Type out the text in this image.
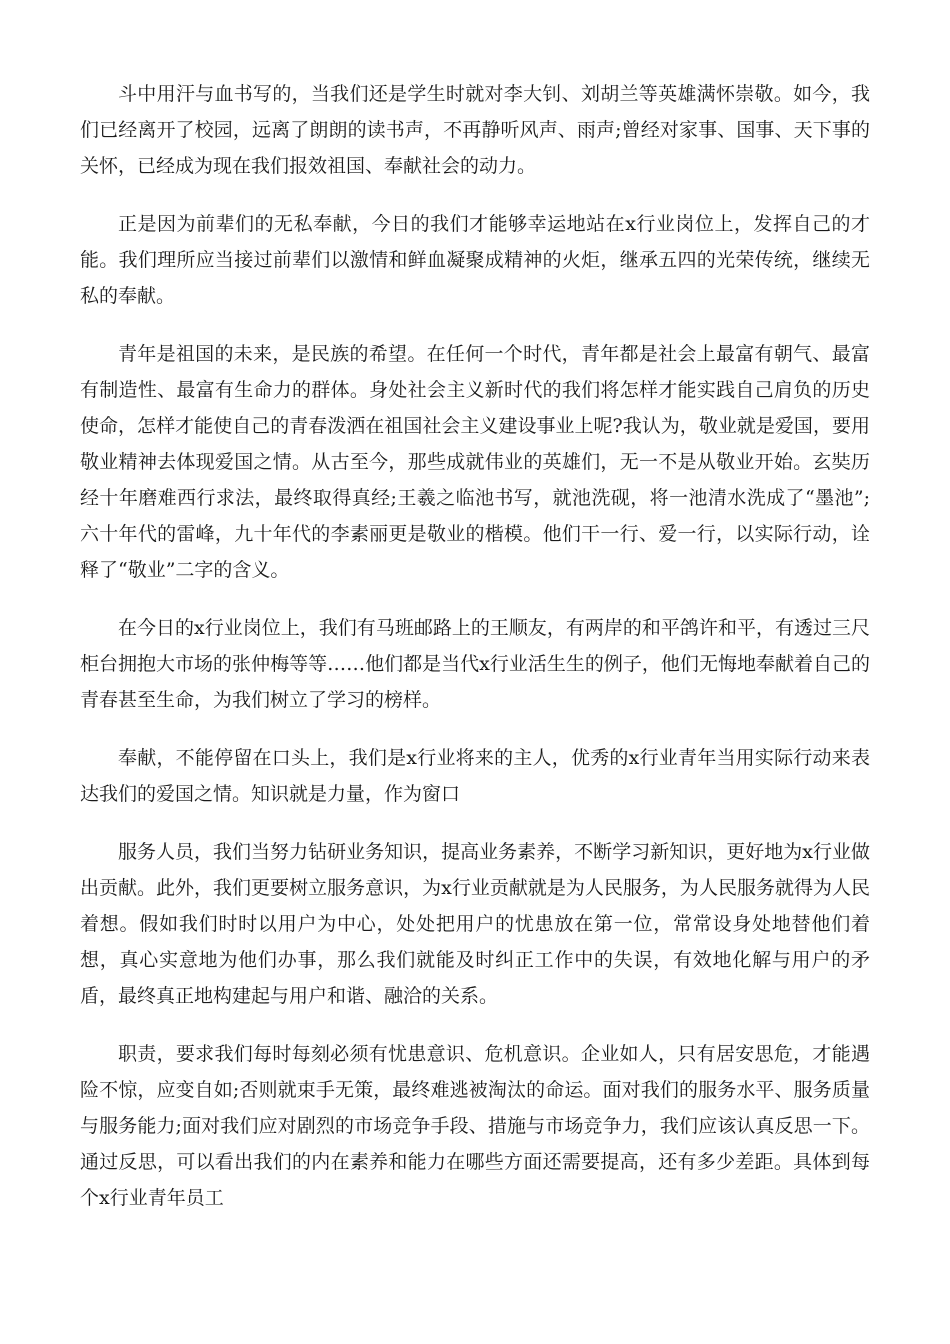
斗中用汗与血书写的，当我们还是学生时就对李大钊、刘胡兰等英雄满怀崇敬。如今，我们已经离开了校园，远离了朗朗的读书声，不再静听风声、雨声;曾经对家事、国事、天下事的关怀，已经成为现在我们报效祖国、奉献社会的动力。

正是因为前辈们的无私奉献，今日的我们才能够幸运地站在x行业岗位上，发挥自己的才能。我们理所应当接过前辈们以激情和鲜血凝聚成精神的火炬，继承五四的光荣传统，继续无私的奉献。

青年是祖国的未来，是民族的希望。在任何一个时代，青年都是社会上最富有朝气、最富有制造性、最富有生命力的群体。身处社会主义新时代的我们将怎样才能实践自己肩负的历史使命，怎样才能使自己的青春泼洒在祖国社会主义建设事业上呢?我认为，敬业就是爱国，要用敬业精神去体现爱国之情。从古至今，那些成就伟业的英雄们，无一不是从敬业开始。玄奘历经十年磨难西行求法，最终取得真经;王羲之临池书写，就池洗砚，将一池清水洗成了“墨池”;六十年代的雷峰，九十年代的李素丽更是敬业的楷模。他们干一行、爱一行，以实际行动，诠释了“敬业”二字的含义。

在今日的x行业岗位上，我们有马班邮路上的王顺友，有两岸的和平鸽许和平，有透过三尺柜台拥抱大市场的张仲梅等等……他们都是当代x行业活生生的例子，他们无悔地奉献着自己的青春甚至生命，为我们树立了学习的榜样。

奉献，不能停留在口头上，我们是x行业将来的主人，优秀的x行业青年当用实际行动来表达我们的爱国之情。知识就是力量，作为窗口

服务人员，我们当努力钻研业务知识，提高业务素养，不断学习新知识，更好地为x行业做出贡献。此外，我们更要树立服务意识，为x行业贡献就是为人民服务，为人民服务就得为人民着想。假如我们时时以用户为中心，处处把用户的忧患放在第一位，常常设身处地替他们着想，真心实意地为他们办事，那么我们就能及时纠正工作中的失误，有效地化解与用户的矛盾，最终真正地构建起与用户和谐、融洽的关系。

职责，要求我们每时每刻必须有忧患意识、危机意识。企业如人，只有居安思危，才能遇险不惊，应变自如;否则就束手无策，最终难逃被淘汰的命运。面对我们的服务水平、服务质量与服务能力;面对我们应对剧烈的市场竞争手段、措施与市场竞争力，我们应该认真反思一下。通过反思，可以看出我们的内在素养和能力在哪些方面还需要提高，还有多少差距。具体到每个x行业青年员工
